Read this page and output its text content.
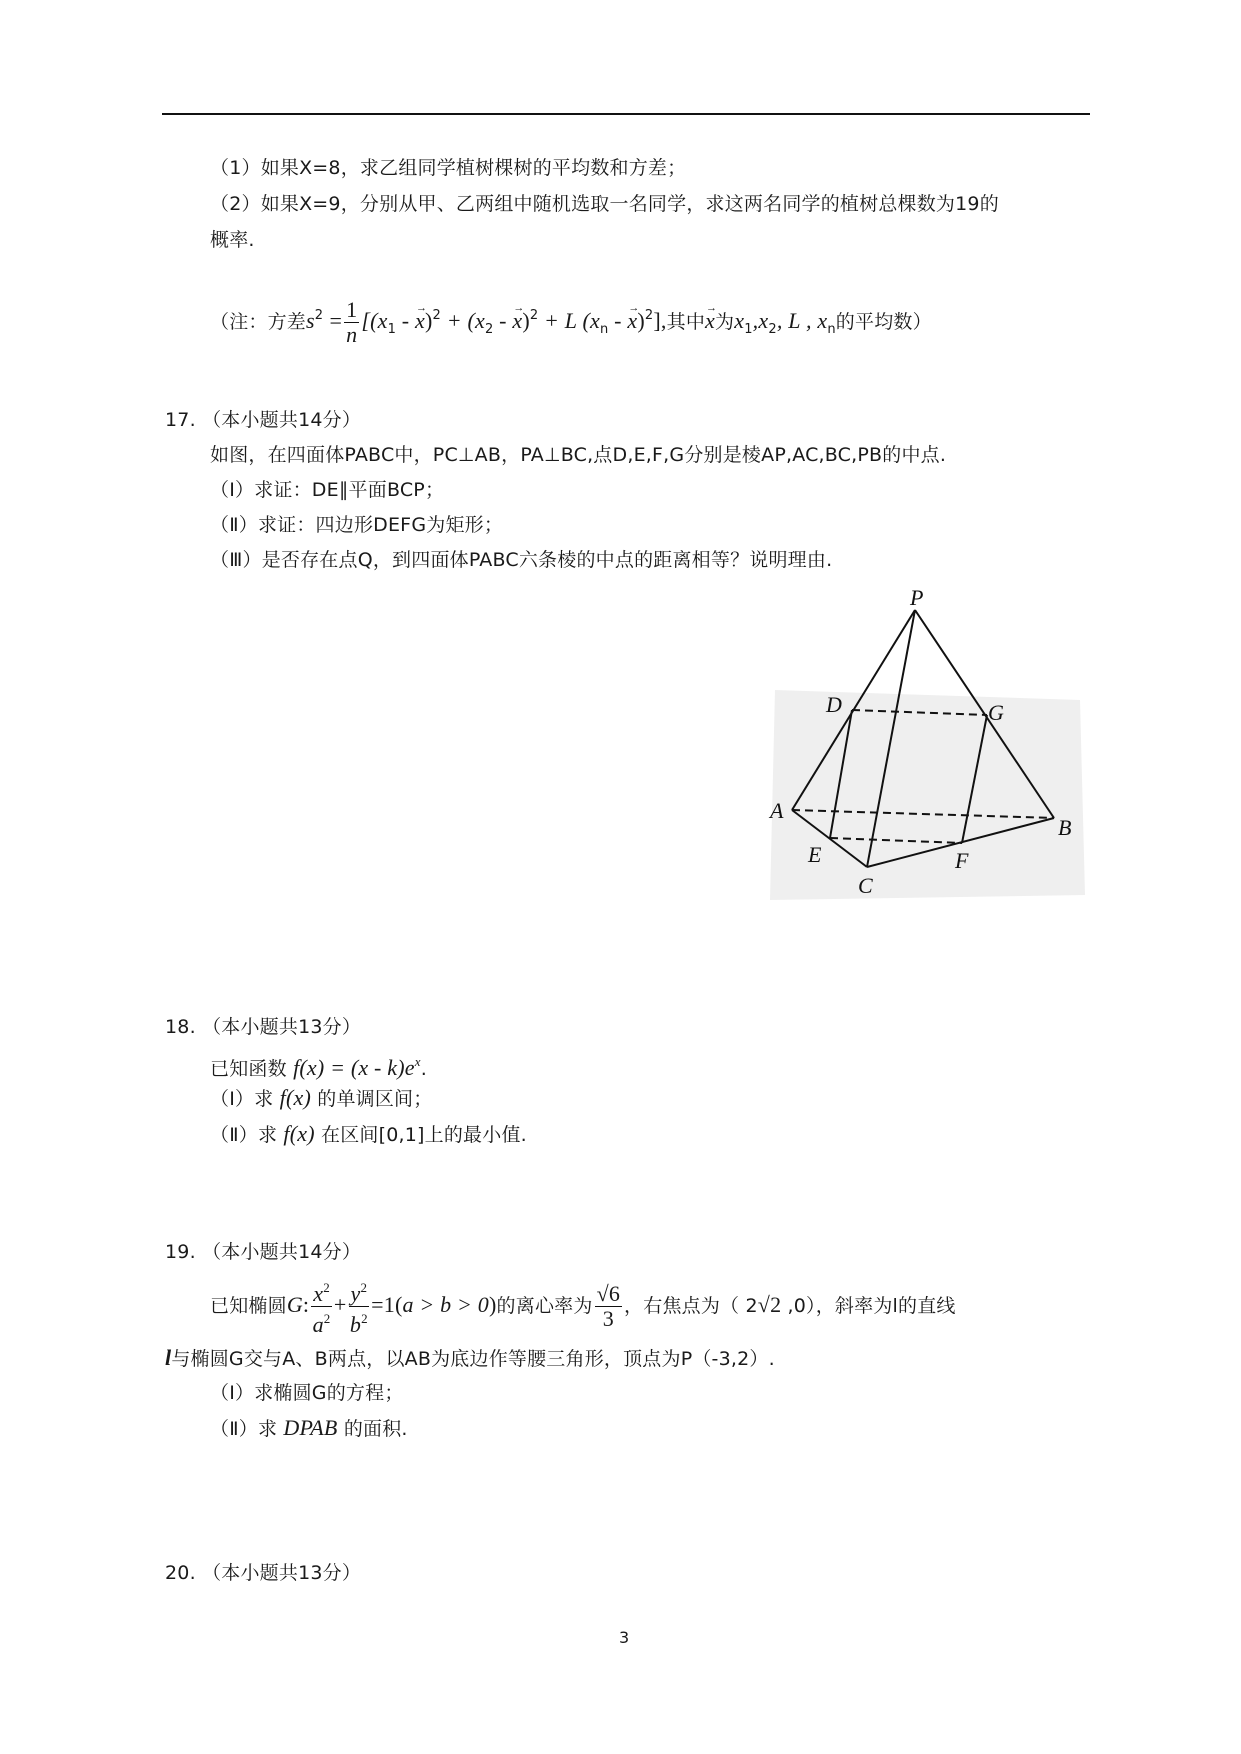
（1）如果X=8，求乙组同学植树棵树的平均数和方差；
（2）如果X=9，分别从甲、乙两组中随机选取一名同学，求这两名同学的植树总棵数为19的
概率.
（注：方差$s^2 = \frac{1}{n} [(x_1$ - → $x)^2 + (x_2$ - → x)$^2$ + L ($x_n$ - → x)$^2$],其中→ x为$x_1,x_2$, L , $x_n$的平均数）
17. （本小题共14分）
如图，在四面体PABC中，PC⊥AB，PA⊥BC,点D,E,F,G分别是棱AP,AC,BC,PB的中点.
（Ⅰ）求证：DE∥平面BCP；
（Ⅱ）求证：四边形DEFG为矩形；
（Ⅲ）是否存在点Q，到四面体PABC六条棱的中点的距离相等？说明理由.
P
D	G
A
B
E
C
F
18. （本小题共13分）
已知函数 $f(x) = (x - k)e^x$.
（Ⅰ）求 f(x) 的单调区间；
（Ⅱ）求 f(x) 在区间[0,1]上的最小值.
19. （本小题共14分）
已知椭圆G: $\frac{x^2}{a^2} + \frac{y^2}{b^2} =1(a > b > 0)$的离心率为 $\frac{√6}{3}$ ，右焦点为（ 2√2 ,0），斜率为l的直线
l与椭圆G交与A、B两点，以AB为底边作等腰三角形，顶点为P（-3,2）.
（Ⅰ）求椭圆G的方程；
（Ⅱ）求 DPAB 的面积.
20. （本小题共13分）
3
